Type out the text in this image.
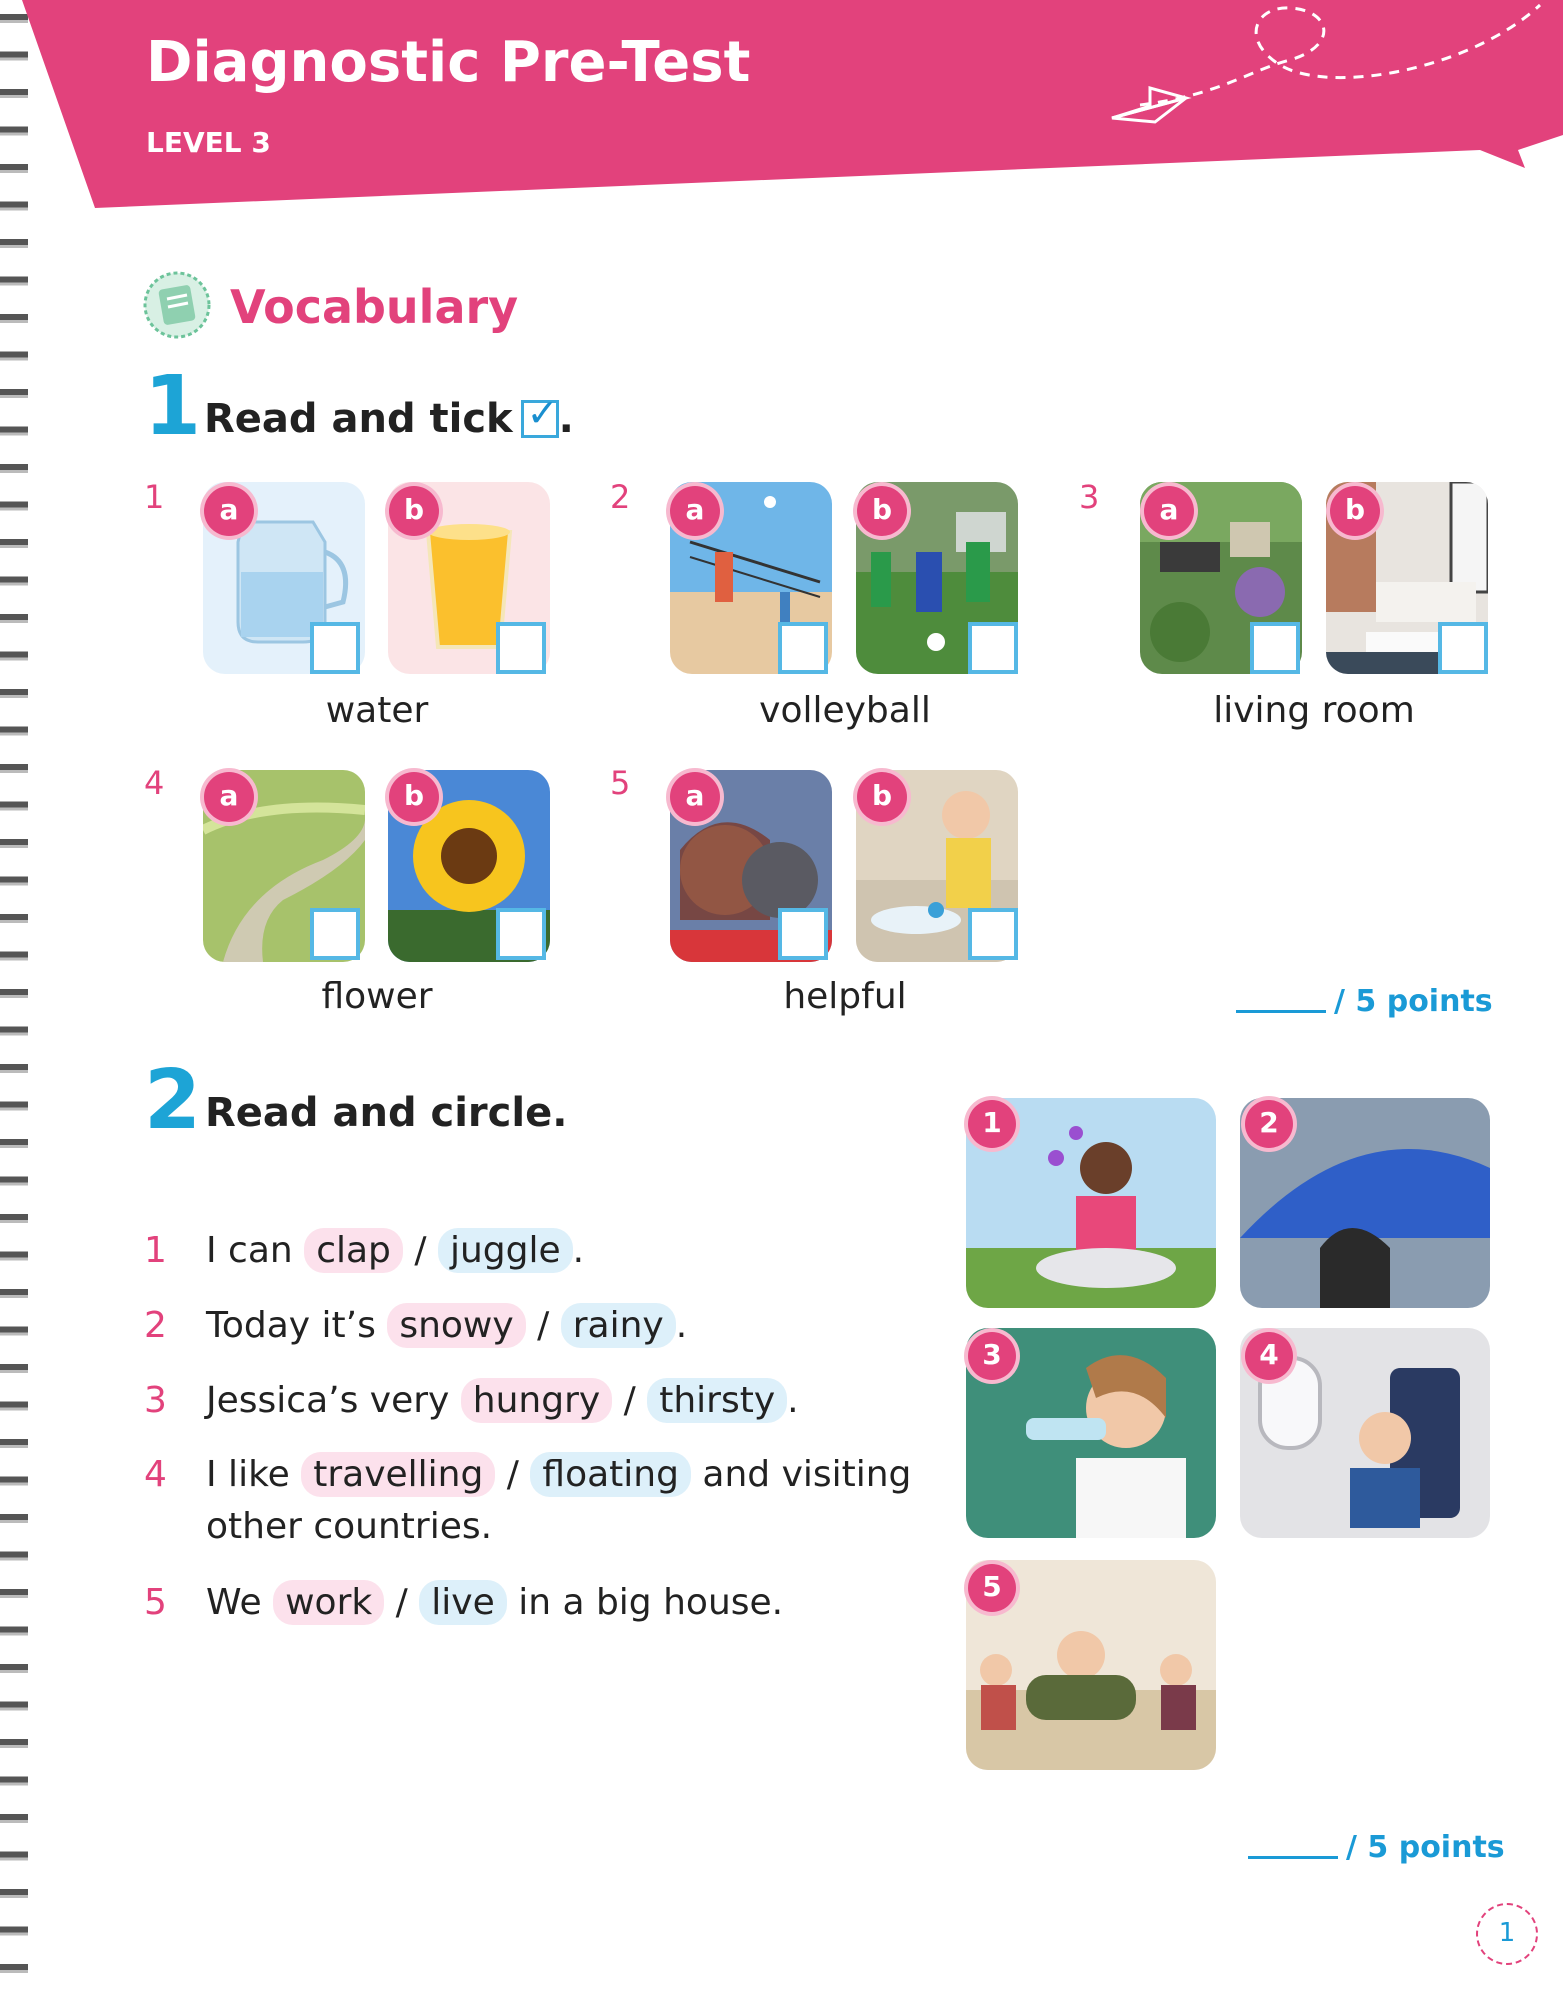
Diagnostic Pre-Test
LEVEL 3
Vocabulary
1 Read and tick ✓ .
1	a	b
water
2	a	b
volleyball
3	a	b
living room
4	a	b
flower
5	a	b
helpful	/ 5 points
2 Read and circle.
1 I can clap / juggle .
2 Today it’s snowy / rainy .
3 Jessica’s very hungry / thirsty .
4 I like travelling / floating and visiting
other countries.
5 We work / live in a big house.
1	2
3	4
5
/ 5 points
1
